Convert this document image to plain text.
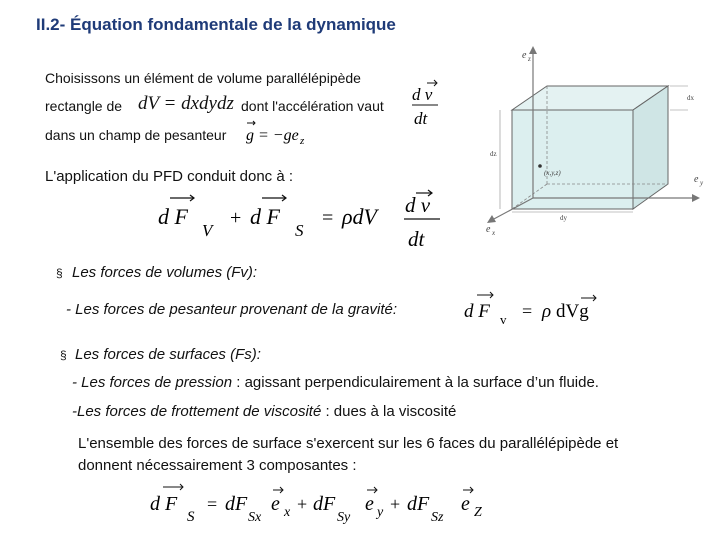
II.2- Équation fondamentale de la dynamique
Choisissons un élément de volume parallélépipède
rectangle de dV = dxdydz dont l'accélération vaut
d v
dt
dans un champ de pesanteur g = −ge z
L'application du PFD conduit donc à :
d F
V
+ d F
S
= ρdV d v
dt
§ Les forces de volumes (Fv):
- Les forces de pesanteur provenant de la gravité:	d F v = ρ dVg
§ Les forces de surfaces (Fs):
- Les forces de pression : agissant perpendiculairement à la surface d’un fluide.
-Les forces de frottement de viscosité : dues à la viscosité
L'ensemble des forces de surface s'exercent sur les 6 faces du parallélépipède et
donnent nécessairement 3 composantes :
d F
S
= dF
Sx
e x + dF
Sy
e y + dF
Sz
e Z
e z
e y
e x
dx
dz
dy
(x,y,z)
